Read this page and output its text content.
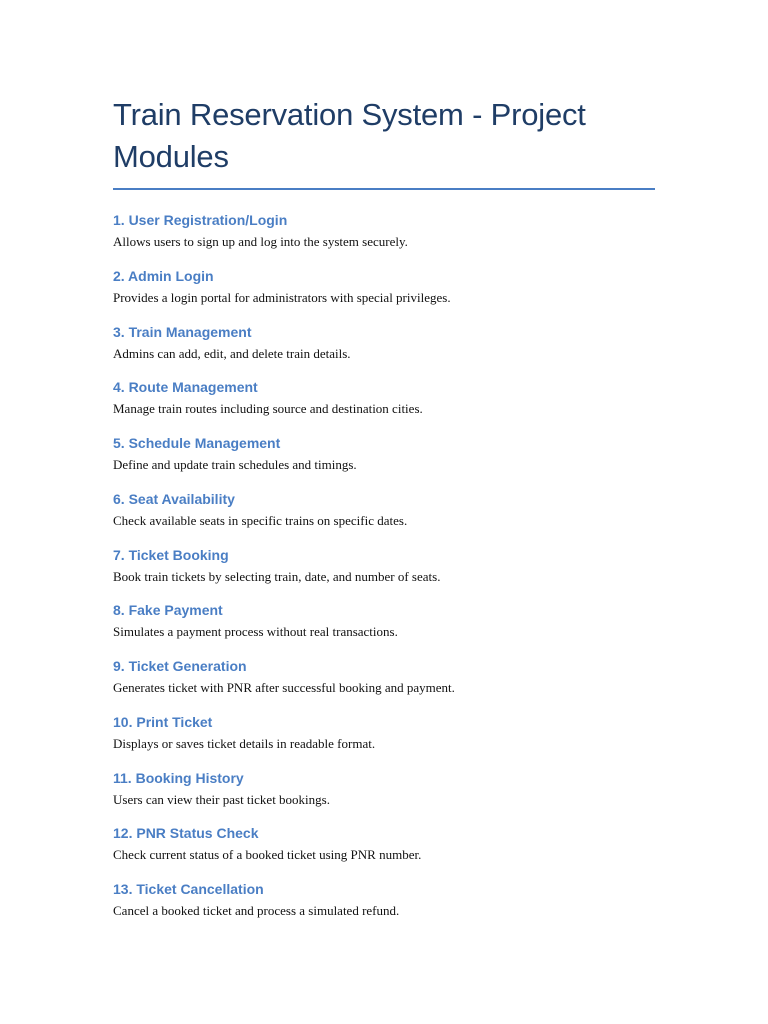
Train Reservation System - Project Modules
1. User Registration/Login
Allows users to sign up and log into the system securely.
2. Admin Login
Provides a login portal for administrators with special privileges.
3. Train Management
Admins can add, edit, and delete train details.
4. Route Management
Manage train routes including source and destination cities.
5. Schedule Management
Define and update train schedules and timings.
6. Seat Availability
Check available seats in specific trains on specific dates.
7. Ticket Booking
Book train tickets by selecting train, date, and number of seats.
8. Fake Payment
Simulates a payment process without real transactions.
9. Ticket Generation
Generates ticket with PNR after successful booking and payment.
10. Print Ticket
Displays or saves ticket details in readable format.
11. Booking History
Users can view their past ticket bookings.
12. PNR Status Check
Check current status of a booked ticket using PNR number.
13. Ticket Cancellation
Cancel a booked ticket and process a simulated refund.
